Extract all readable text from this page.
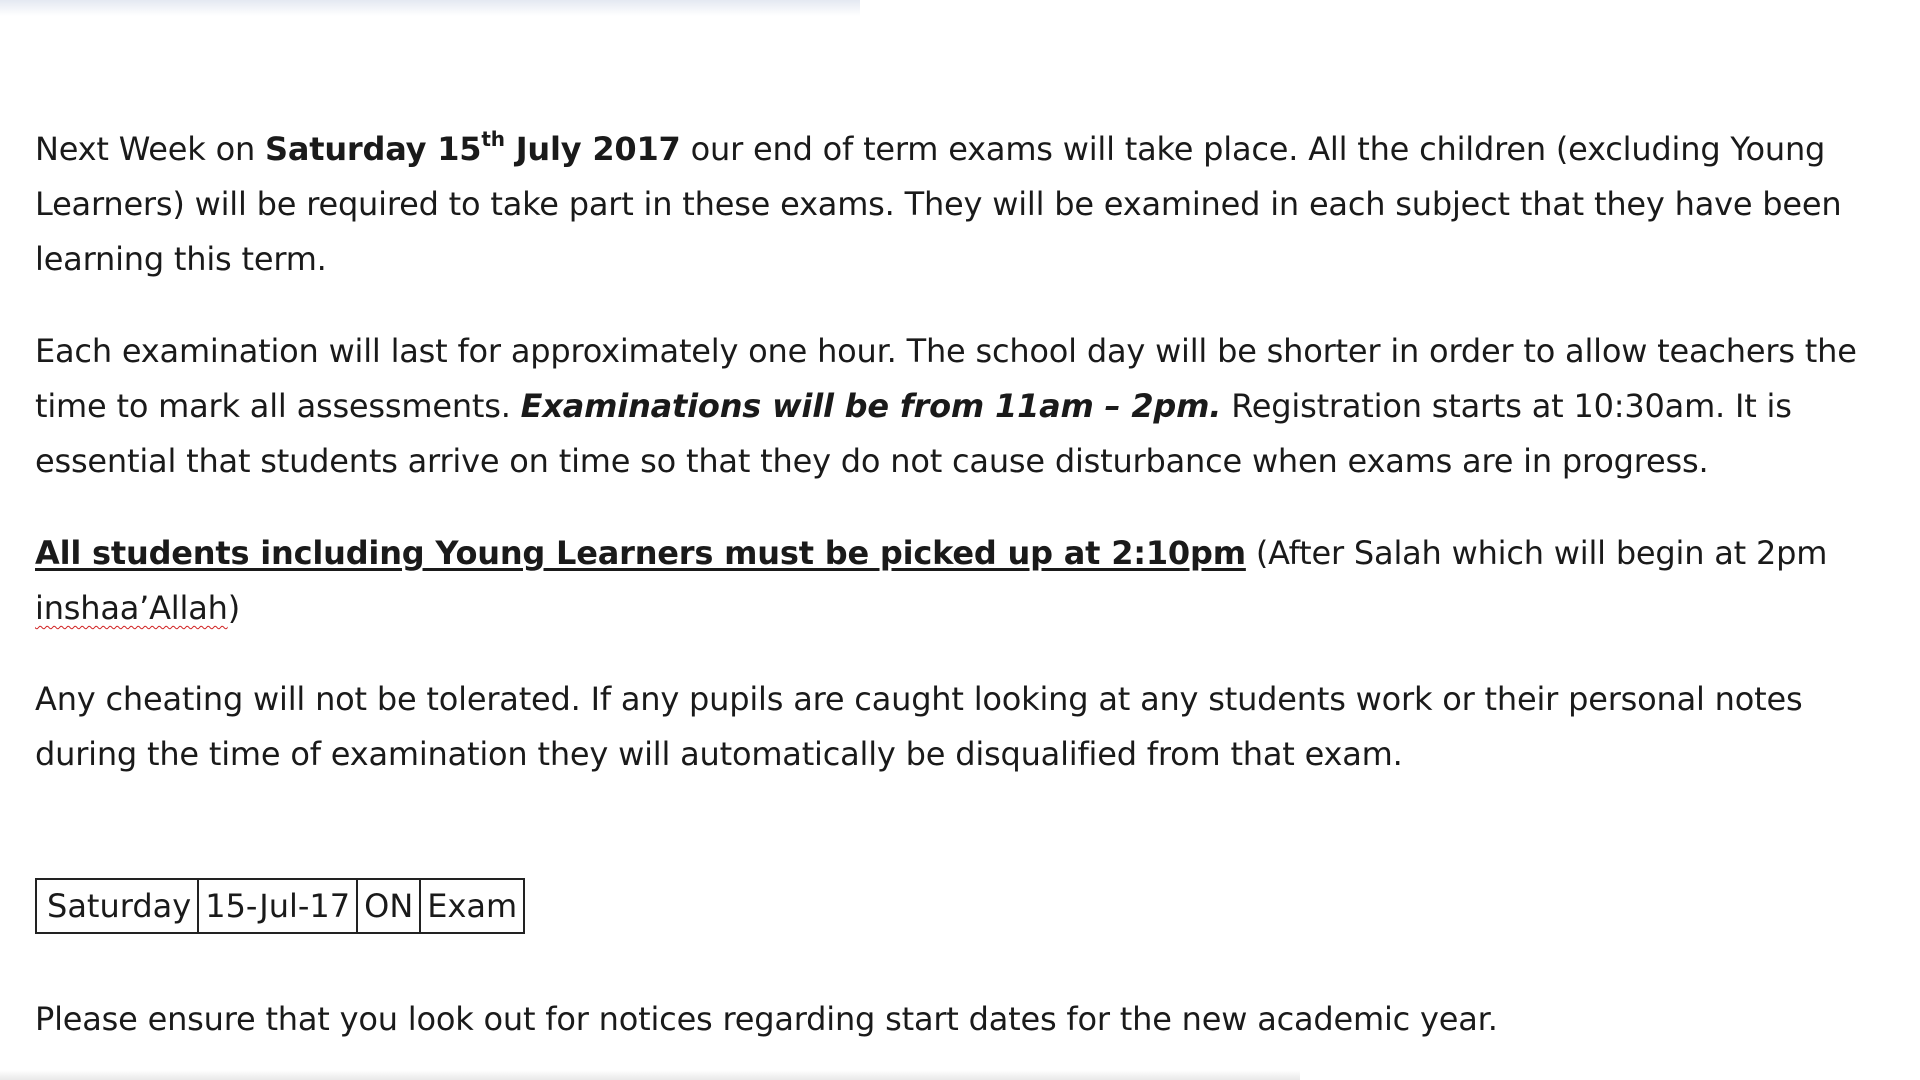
Next Week on Saturday 15th July 2017 our end of term exams will take place. All the children (excluding Young Learners) will be required to take part in these exams. They will be examined in each subject that they have been learning this term.

Each examination will last for approximately one hour. The school day will be shorter in order to allow teachers the time to mark all assessments. Examinations will be from 11am – 2pm. Registration starts at 10:30am. It is essential that students arrive on time so that they do not cause disturbance when exams are in progress.

All students including Young Learners must be picked up at 2:10pm (After Salah which will begin at 2pm inshaa’Allah)

Any cheating will not be tolerated. If any pupils are caught looking at any students work or their personal notes during the time of examination they will automatically be disqualified from that exam.

Saturday	15-Jul-17	ON	Exam

Please ensure that you look out for notices regarding start dates for the new academic year.
